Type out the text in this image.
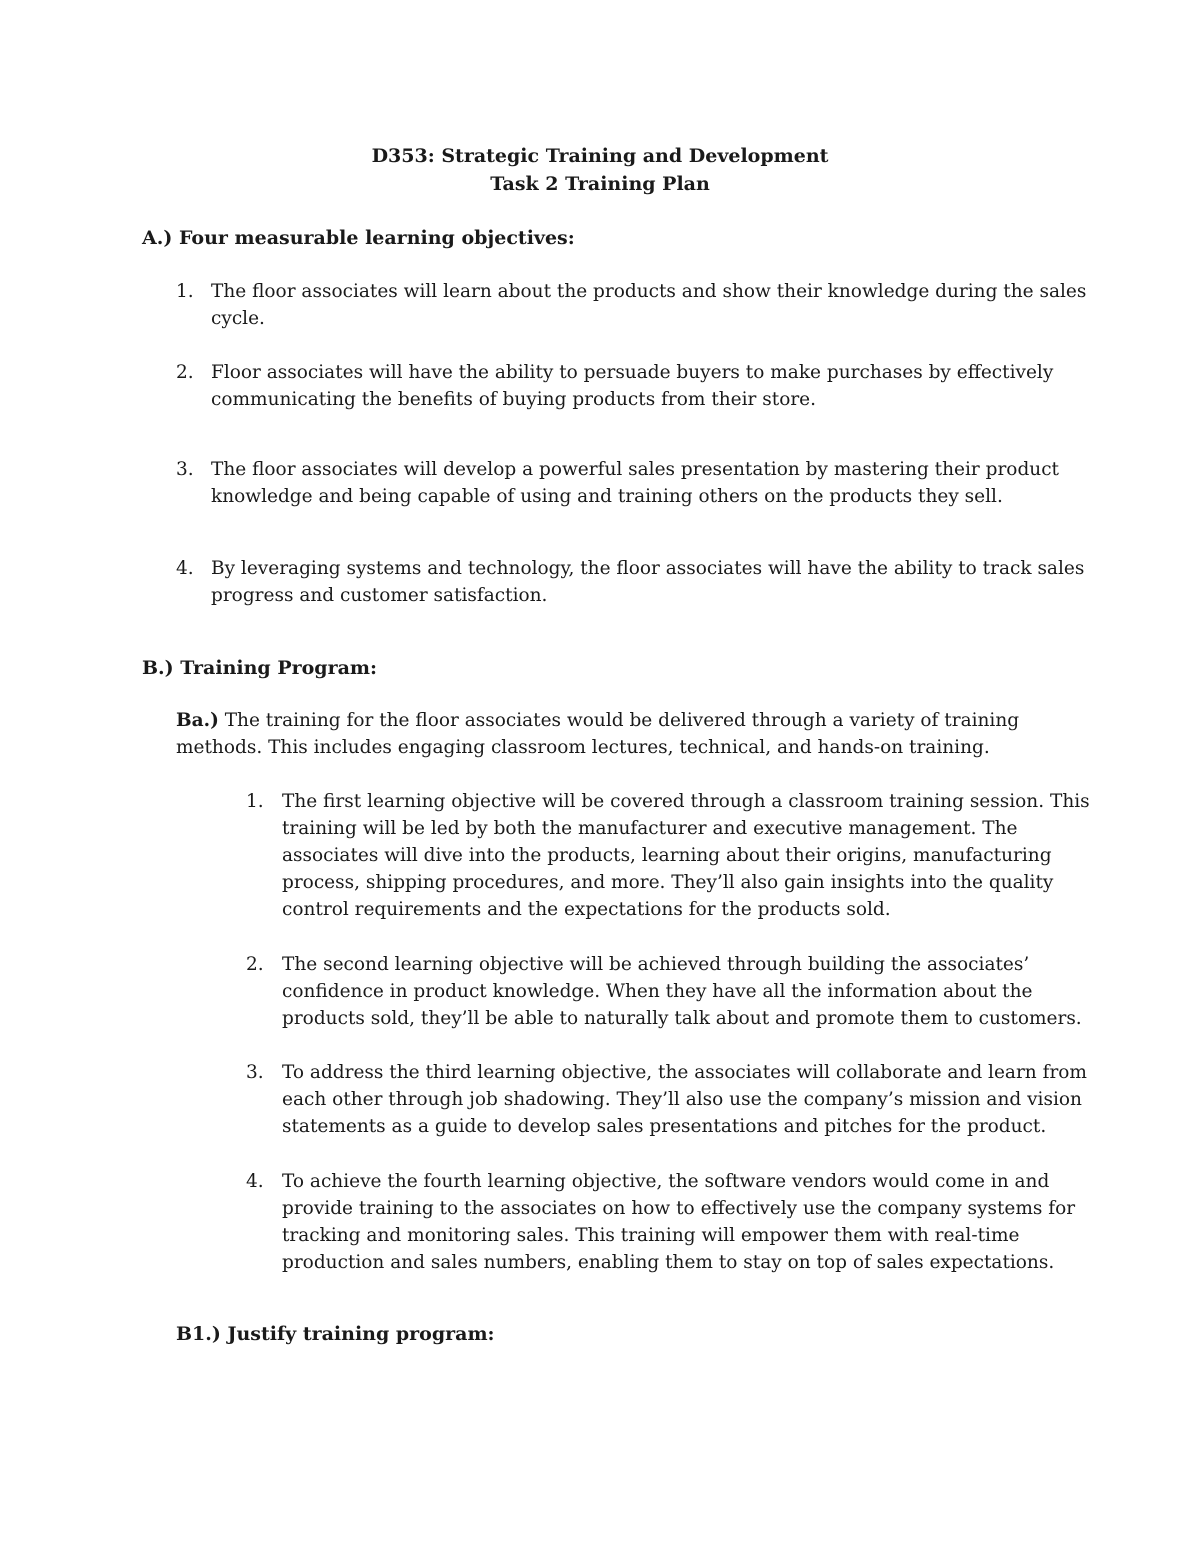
D353: Strategic Training and Development
Task 2 Training Plan
A.) Four measurable learning objectives:
1. The floor associates will learn about the products and show their knowledge during the sales cycle.
2. Floor associates will have the ability to persuade buyers to make purchases by effectively communicating the benefits of buying products from their store.
3. The floor associates will develop a powerful sales presentation by mastering their product knowledge and being capable of using and training others on the products they sell.
4. By leveraging systems and technology, the floor associates will have the ability to track sales progress and customer satisfaction.
B.) Training Program:
Ba.) The training for the floor associates would be delivered through a variety of training methods. This includes engaging classroom lectures, technical, and hands-on training.
1. The first learning objective will be covered through a classroom training session. This training will be led by both the manufacturer and executive management. The associates will dive into the products, learning about their origins, manufacturing process, shipping procedures, and more. They’ll also gain insights into the quality control requirements and the expectations for the products sold.
2. The second learning objective will be achieved through building the associates’ confidence in product knowledge. When they have all the information about the products sold, they’ll be able to naturally talk about and promote them to customers.
3. To address the third learning objective, the associates will collaborate and learn from each other through job shadowing. They’ll also use the company’s mission and vision statements as a guide to develop sales presentations and pitches for the product.
4. To achieve the fourth learning objective, the software vendors would come in and provide training to the associates on how to effectively use the company systems for tracking and monitoring sales. This training will empower them with real-time production and sales numbers, enabling them to stay on top of sales expectations.
B1.) Justify training program:
